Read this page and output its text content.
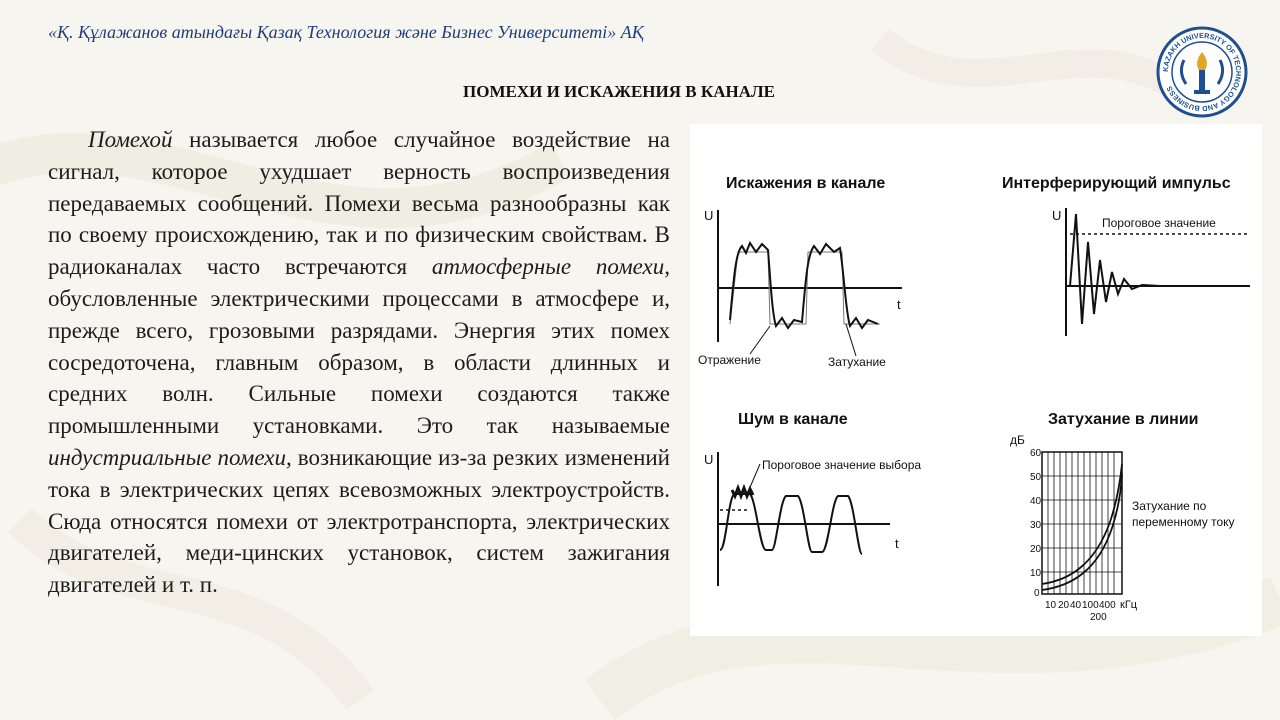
«Қ. Құлажанов атындағы Қазақ Технология және Бизнес Университеті» АҚ
KAZAKH UNIVERSITY OF TECHNOLOGY AND BUSINESS
ПОМЕХИ И ИСКАЖЕНИЯ В КАНАЛЕ

Помехой называется любое случайное воздействие на сигнал, которое ухудшает верность воспроизведения передаваемых сообщений. Помехи весьма разнообразны как по своему происхождению, так и по физическим свойствам. В радиоканалах часто встречаются атмосферные помехи, обусловленные электрическими процессами в атмосфере и, прежде всего, грозовыми разрядами. Энергия этих помех сосредоточена, главным образом, в области длинных и средних волн. Сильные помехи создаются также промышленными установками. Это так называемые индустриальные помехи, возникающие из-за резких изменений тока в электрических цепях всевозможных электроустройств. Сюда относятся помехи от электротранспорта, электрических двигателей, меди-цинских установок, систем зажигания двигателей и т. п.

Искажения в канале
U
t
Отражение	Затухание
Интерферирующий импульс
U	Пороговое значение
Шум в канале
U
t
Пороговое значение выбора
Затухание в линии
дБ
60
50
40
30
20
10
0
10 20 40 100 400
200
кГц
Затухание по
переменному току
